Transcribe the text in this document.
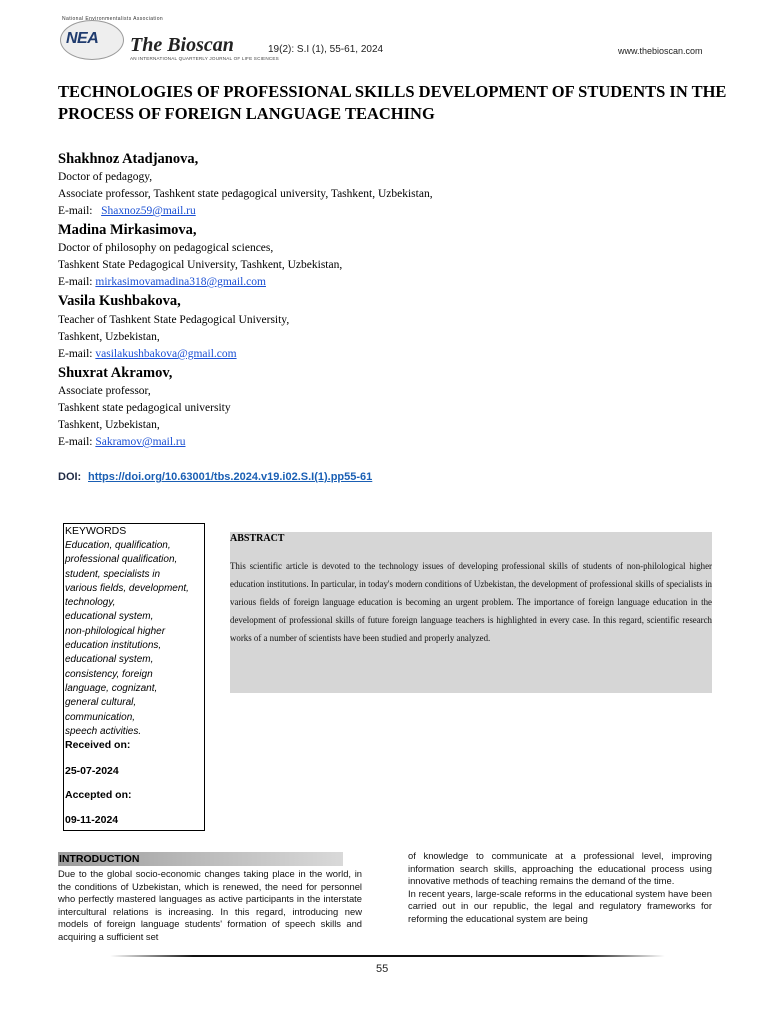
National Environmentalists Association
NEA The Bioscan
AN INTERNATIONAL QUARTERLY JOURNAL OF LIFE SCIENCES
19(2): S.I (1), 55-61, 2024	www.thebioscan.com
TECHNOLOGIES OF PROFESSIONAL SKILLS DEVELOPMENT OF STUDENTS IN THE PROCESS OF FOREIGN LANGUAGE TEACHING
Shakhnoz Atadjanova,
Doctor of pedagogy,
Associate professor, Tashkent state pedagogical university, Tashkent, Uzbekistan,
E-mail: Shaxnoz59@mail.ru
Madina Mirkasimova,
Doctor of philosophy on pedagogical sciences,
Tashkent State Pedagogical University, Tashkent, Uzbekistan,
E-mail: mirkasimovamadina318@gmail.com
Vasila Kushbakova,
Teacher of Tashkent State Pedagogical University,
Tashkent, Uzbekistan,
E-mail: vasilakushbakova@gmail.com
Shuxrat Akramov,
Associate professor,
Tashkent state pedagogical university
Tashkent, Uzbekistan,
E-mail: Sakramov@mail.ru
DOI: https://doi.org/10.63001/tbs.2024.v19.i02.S.I(1).pp55-61
KEYWORDS
Education, qualification,
professional qualification,
student, specialists in
various fields, development,
technology,
educational system,
non-philological higher
education institutions,
educational system,
consistency, foreign
language, cognizant,
general cultural,
communication,
speech activities.
Received on:
25-07-2024
Accepted on:
09-11-2024
ABSTRACT
This scientific article is devoted to the technology issues of developing professional skills of students of non-philological higher education institutions. In particular, in today's modern conditions of Uzbekistan, the development of professional skills of specialists in various fields of foreign language education is becoming an urgent problem. The importance of foreign language education in the development of professional skills of future foreign language teachers is highlighted in every case. In this regard, scientific research works of a number of scientists have been studied and properly analyzed.
INTRODUCTION
Due to the global socio-economic changes taking place in the world, in the conditions of Uzbekistan, which is renewed, the need for personnel who perfectly mastered languages as active participants in the interstate intercultural relations is increasing. In this regard, introducing new models of foreign language students' formation of speech skills and acquiring a sufficient set
of knowledge to communicate at a professional level, improving information search skills, approaching the educational process using innovative methods of teaching remains the demand of the time.
In recent years, large-scale reforms in the educational system have been carried out in our republic, the legal and regulatory frameworks for reforming the educational system are being
55
